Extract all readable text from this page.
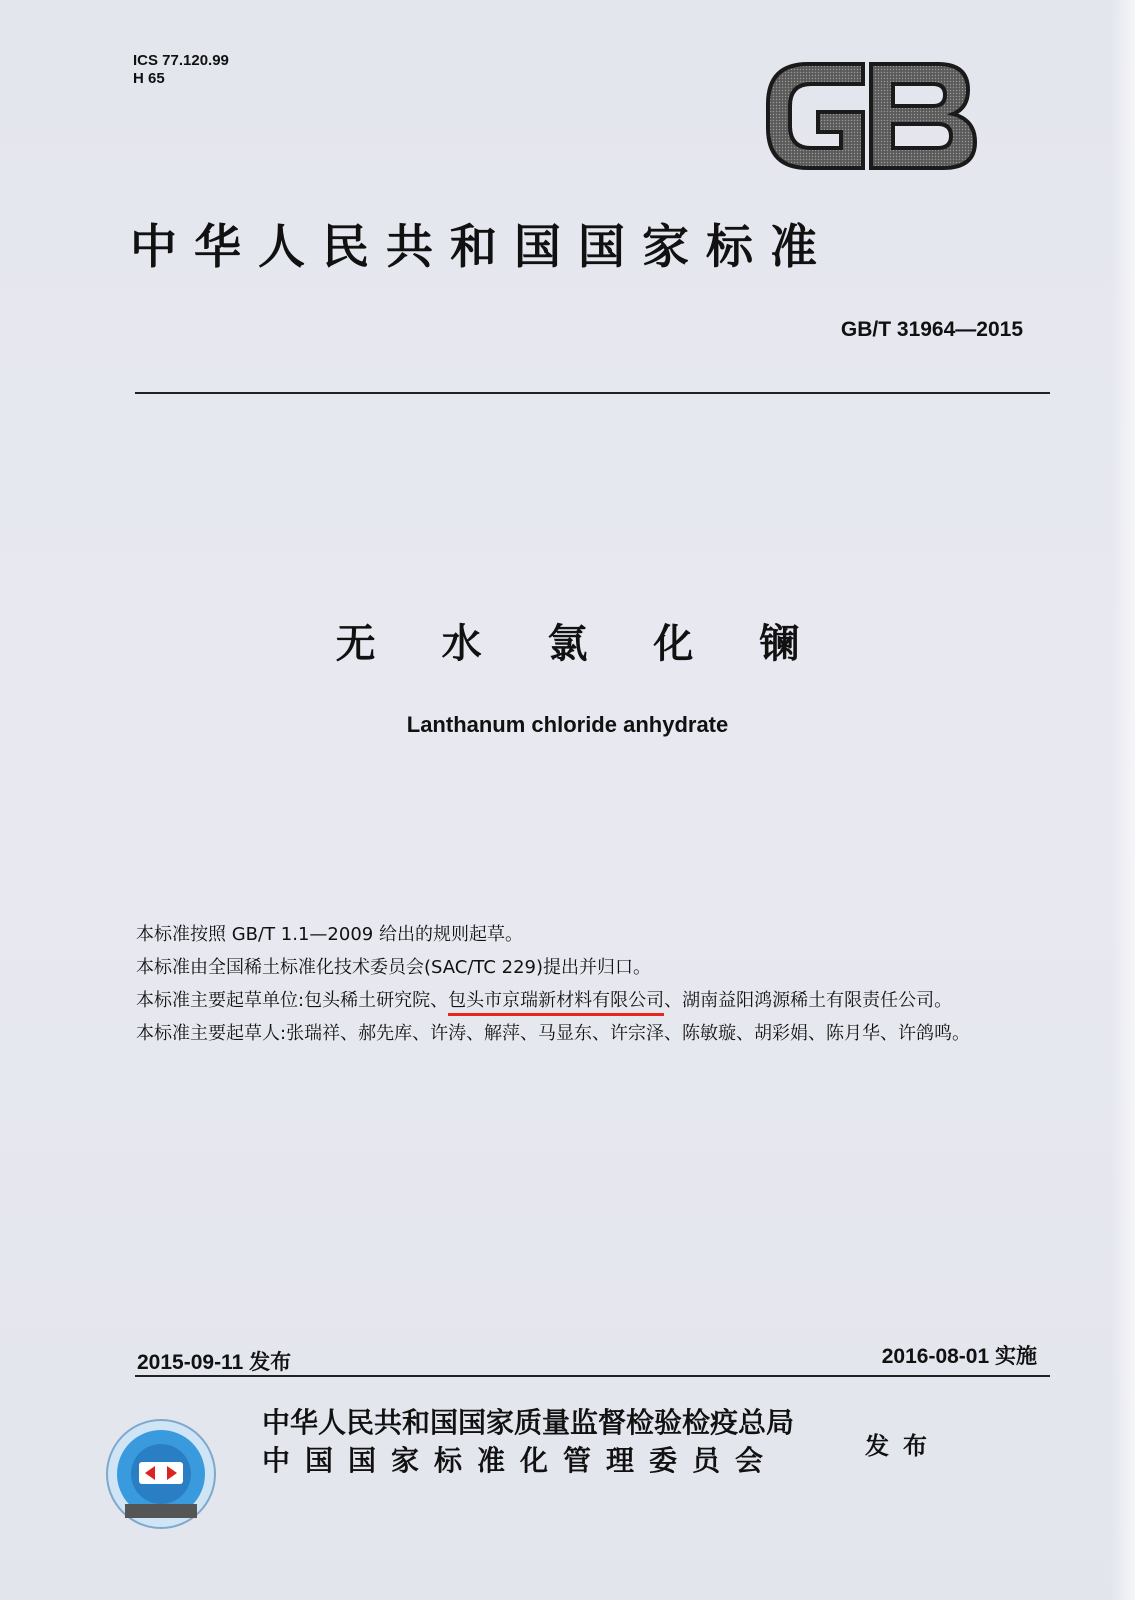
ICS 77.120.99
H 65
中华人民共和国国家标准
GB/T 31964—2015
无 水 氯 化 镧
Lanthanum chloride anhydrate

本标准按照 GB/T 1.1—2009 给出的规则起草。

本标准由全国稀土标准化技术委员会(SAC/TC 229)提出并归口。

本标准主要起草单位:包头稀土研究院、包头市京瑞新材料有限公司、湖南益阳鸿源稀土有限责任公司。

本标准主要起草人:张瑞祥、郝先库、许涛、解萍、马显东、许宗泽、陈敏璇、胡彩娟、陈月华、许鸽鸣。

2015-09-11 发布	2016-08-01 实施
中华人民共和国国家质量监督检验检疫总局
中国国家标准化管理委员会	发布
